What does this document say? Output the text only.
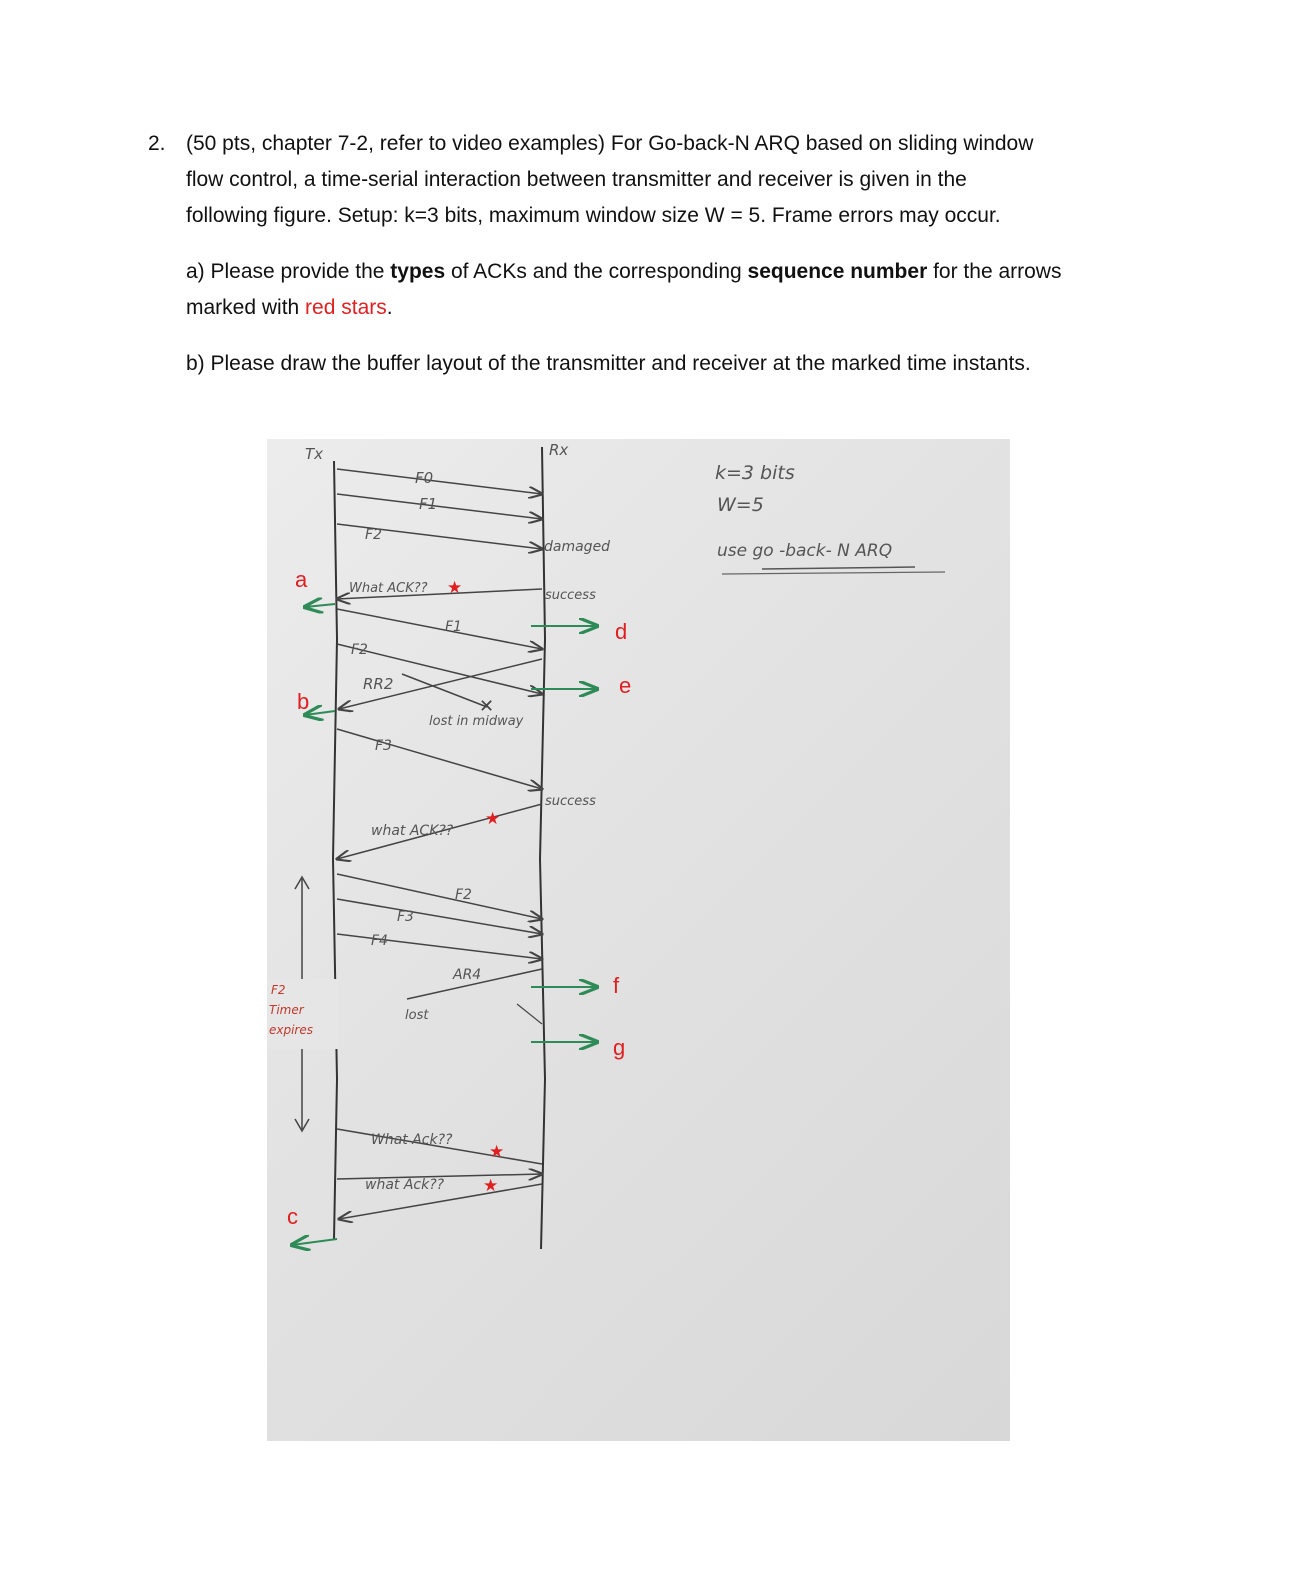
2. (50 pts, chapter 7-2, refer to video examples) For Go-back-N ARQ based on sliding window
flow control, a time-serial interaction between transmitter and receiver is given in the
following figure. Setup: k=3 bits, maximum window size W = 5. Frame errors may occur.
a) Please provide the types of ACKs and the corresponding sequence number for the arrows
marked with red stars.
b) Please draw the buffer layout of the transmitter and receiver at the marked time instants.
Tx	Rx
k=3 bits
W=5
use go -back- N ARQ
F0
F1
F2
damaged
What ACK?? ★	success
F1
F2
RR2
✕
lost in midway
F3
success
what ACK??
★
F2
Timer
expires
F2
F3
F4
AR4
lost
What Ack??
★
what Ack?? ★
a
b
c
d
e
f
g
